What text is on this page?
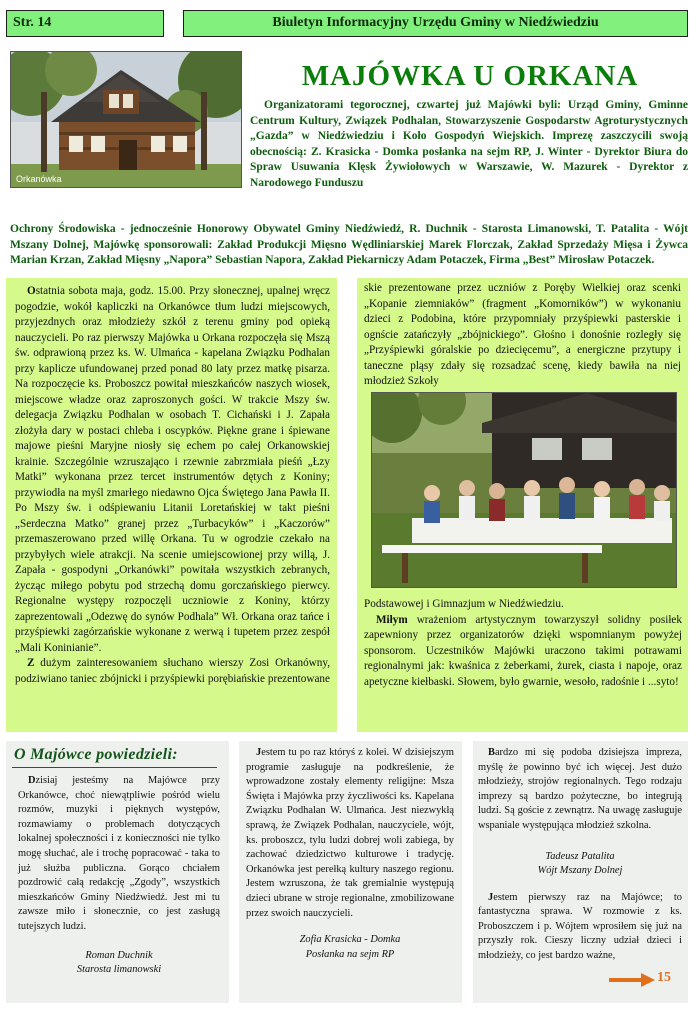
Str. 14	Biuletyn Informacyjny Urzędu Gminy w Niedźwiedziu
Orkanówka
MAJÓWKA U ORKANA

Organizatorami tegorocznej, czwartej już Majówki byli: Urząd Gminy, Gminne Centrum Kultury, Związek Podhalan, Stowarzyszenie Gospodarstw Agroturystycznych „Gazda” w Niedźwiedziu i Koło Gospodyń Wiejskich. Imprezę zaszczycili swoją obecnością: Z. Krasicka - Domka posłanka na sejm RP, J. Winter - Dyrektor Biura do Spraw Usuwania Klęsk Żywiołowych w Warszawie, W. Mazurek - Dyrektor z Narodowego Funduszu

Ochrony Środowiska - jednocześnie Honorowy Obywatel Gminy Niedźwiedź, R. Duchnik - Starosta Limanowski, T. Patalita - Wójt Mszany Dolnej, Majówkę sponsorowali: Zakład Produkcji Mięsno Wędliniarskiej Marek Florczak, Zakład Sprzedaży Mięsa i Żywca Marian Krzan, Zakład Mięsny „Napora” Sebastian Napora, Zakład Piekarniczy Adam Potaczek, Firma „Best” Mirosław Potaczek.

Ostatnia sobota maja, godz. 15.00. Przy słonecznej, upalnej wręcz pogodzie, wokół kapliczki na Orkanówce tłum ludzi miejscowych, przyjezdnych oraz młodzieży szkół z terenu gminy pod opieką nauczycieli. Po raz pierwszy Majówka u Orkana rozpoczęła się Mszą św. odprawioną przez ks. W. Ulmańca - kapelana Związku Podhalan przy kaplicze ufundowanej przed ponad 80 laty przez matkę pisarza. Na rozpoczęcie ks. Proboszcz powitał mieszkańców naszych wiosek, miejscowe władze oraz zaproszonych gości. W trakcie Mszy św. delegacja Związku Podhalan w osobach T. Cichański i J. Zapała złożyła dary w postaci chleba i oscypków. Piękne grane i śpiewane majowe pieśni Maryjne niosły się echem po całej Orkanowskiej krainie. Szczególnie wzruszająco i rzewnie zabrzmiała pieśń „Łzy Matki” wykonana przez tercet instrumentów dętych z Koniny; przywiodła na myśl zmarłego niedawno Ojca Świętego Jana Pawła II. Po Mszy św. i odśpiewaniu Litanii Loretańskiej w takt pieśni „Serdeczna Matko” granej przez „Turbacyków” i „Kaczorów” przemaszerowano przed willę Orkana. Tu w ogrodzie czekało na przybyłych wiele atrakcji. Na scenie umiejscowionej przy willą, J. Zapała - gospodyni „Orkanówki” powitała wszystkich zebranych, życząc miłego pobytu pod strzechą domu gorczańskiego pierwcy. Regionalne występy rozpoczęli uczniowie z Koniny, którzy zaprezentowali „Odezwę do synów Podhala” Wł. Orkana oraz tańce i przyśpiewki zagórzańskie wykonane z werwą i tupetem przez zespół „Mali Koninianie”.

Z dużym zainteresowaniem słuchano wierszy Zosi Orkanówny, podziwiano taniec zbójnicki i przyśpiewki porębiańskie prezentowane

skie prezentowane przez uczniów z Poręby Wielkiej oraz scenki „Kopanie ziemniaków” (fragment „Komorników”) w wykonaniu dzieci z Podobina, które przypomniały przyśpiewki pasterskie i ognście zatańczyły „zbójnickiego”. Głośno i donośnie rozległy się „Przyśpiewki góralskie po dziecięcemu”, a energiczne przytupy i taneczne pląsy zdały się rozsadzać scenę, kiedy bawiła na niej młodzież Szkoły

Podstawowej i Gimnazjum w Niedźwiedziu.

Miłym wrażeniom artystycznym towarzyszył solidny posiłek zapewniony przez organizatorów dzięki wspomnianym powyżej sponsorom. Uczestników Majówki uraczono takimi potrawami regionalnymi jak: kwaśnica z żeberkami, żurek, ciasta i napoje, oraz apetyczne kiełbaski. Słowem, było gwarnie, wesoło, radośnie i ...syto!

O Majówce powiedzieli:

Dzisiaj jesteśmy na Majówce przy Orkanówce, choć niewątpliwie pośród wielu rozmów, muzyki i pięknych występów, rozmawiamy o problemach dotyczących lokalnej społeczności i z konieczności nie tylko mogę słuchać, ale i trochę popracować - taka to już służba publiczna. Gorąco chciałem pozdrowić całą redakcję „Zgody”, wszystkich mieszkańców Gminy Niedźwiedź. Jest mi tu zawsze miło i słonecznie, co jest zasługą tutejszych ludzi.

Roman Duchnik
Starosta limanowski

Jestem tu po raz któryś z kolei. W dzisiejszym programie zasługuje na podkreślenie, że wprowadzone zostały elementy religijne: Msza Święta i Majówka przy życzliwości ks. Kapelana Związku Podhalan W. Ulmańca. Jest niezwykłą sprawą, że Związek Podhalan, nauczyciele, wójt, ks. proboszcz, tylu ludzi dobrej woli zabiega, by zachować dziedzictwo kulturowe i tradycję. Orkanówka jest perełką kultury naszego regionu. Jestem wzruszona, że tak gremialnie występują dzieci ubrane w stroje regionalne, zmobilizowane przez swoich nauczycieli.

Zofia Krasicka - Domka
Posłanka na sejm RP

Bardzo mi się podoba dzisiejsza impreza, myślę że powinno być ich więcej. Jest dużo młodzieży, strojów regionalnych. Tego rodzaju imprezy są bardzo pożyteczne, bo integrują ludzi. Są goście z zewnątrz. Na uwagę zasługuje wspaniale występująca młodzież szkolna.

Tadeusz Patalita
Wójt Mszany Dolnej

Jestem pierwszy raz na Majówce; to fantastyczna sprawa. W rozmowie z ks. Proboszczem i p. Wójtem wprosiłem się już na przyszły rok. Cieszy liczny udział dzieci i młodzieży, co jest bardzo ważne,

15
